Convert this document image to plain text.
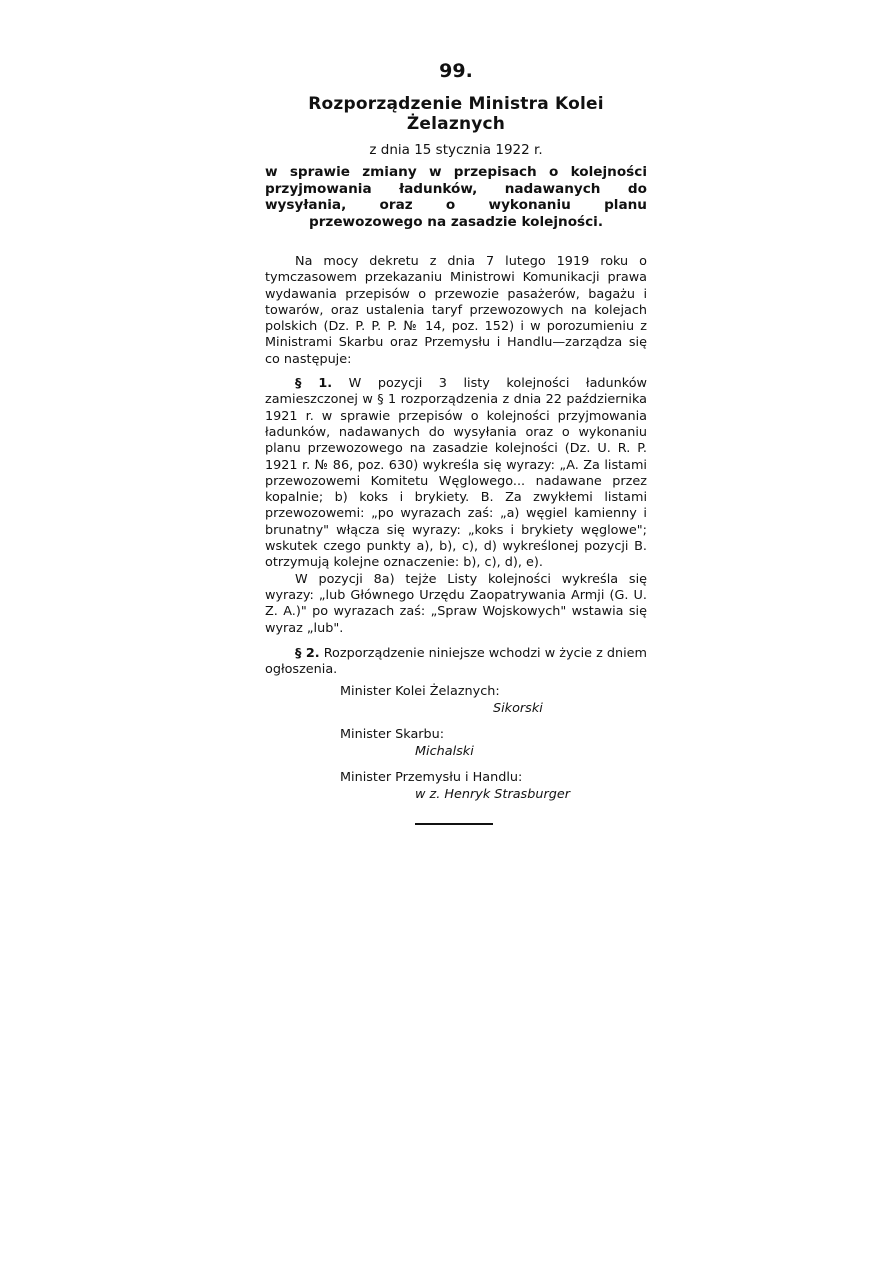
99.
Rozporządzenie Ministra Kolei Żelaznych
z dnia 15 stycznia 1922 r.
w sprawie zmiany w przepisach o kolejności przyjmowania ładunków, nadawanych do wysyłania, oraz o wykonaniu planu przewozowego na zasadzie kolejności.

Na mocy dekretu z dnia 7 lutego 1919 roku o tymczasowem przekazaniu Ministrowi Komunikacji prawa wydawania przepisów o przewozie pasażerów, bagażu i towarów, oraz ustalenia taryf przewozowych na kolejach polskich (Dz. P. P. P. № 14, poz. 152) i w porozumieniu z Ministrami Skarbu oraz Przemysłu i Handlu—zarządza się co następuje:

§ 1. W pozycji 3 listy kolejności ładunków zamieszczonej w § 1 rozporządzenia z dnia 22 października 1921 r. w sprawie przepisów o kolejności przyjmowania ładunków, nadawanych do wysyłania oraz o wykonaniu planu przewozowego na zasadzie kolejności (Dz. U. R. P. 1921 r. № 86, poz. 630) wykreśla się wyrazy: „A. Za listami przewozowemi Komitetu Węglowego... nadawane przez kopalnie; b) koks i brykiety. B. Za zwykłemi listami przewozowemi: „po wyrazach zaś: „a) węgiel kamienny i brunatny" włącza się wyrazy: „koks i brykiety węglowe"; wskutek czego punkty a), b), c), d) wykreślonej pozycji B. otrzymują kolejne oznaczenie: b), c), d), e).

W pozycji 8a) tejże Listy kolejności wykreśla się wyrazy: „lub Głównego Urzędu Zaopatrywania Armji (G. U. Z. A.)" po wyrazach zaś: „Spraw Wojskowych" wstawia się wyraz „lub".

§ 2. Rozporządzenie niniejsze wchodzi w życie z dniem ogłoszenia.

Minister Kolei Żelaznych:
Sikorski
Minister Skarbu:
Michalski
Minister Przemysłu i Handlu:
w z. Henryk Strasburger
